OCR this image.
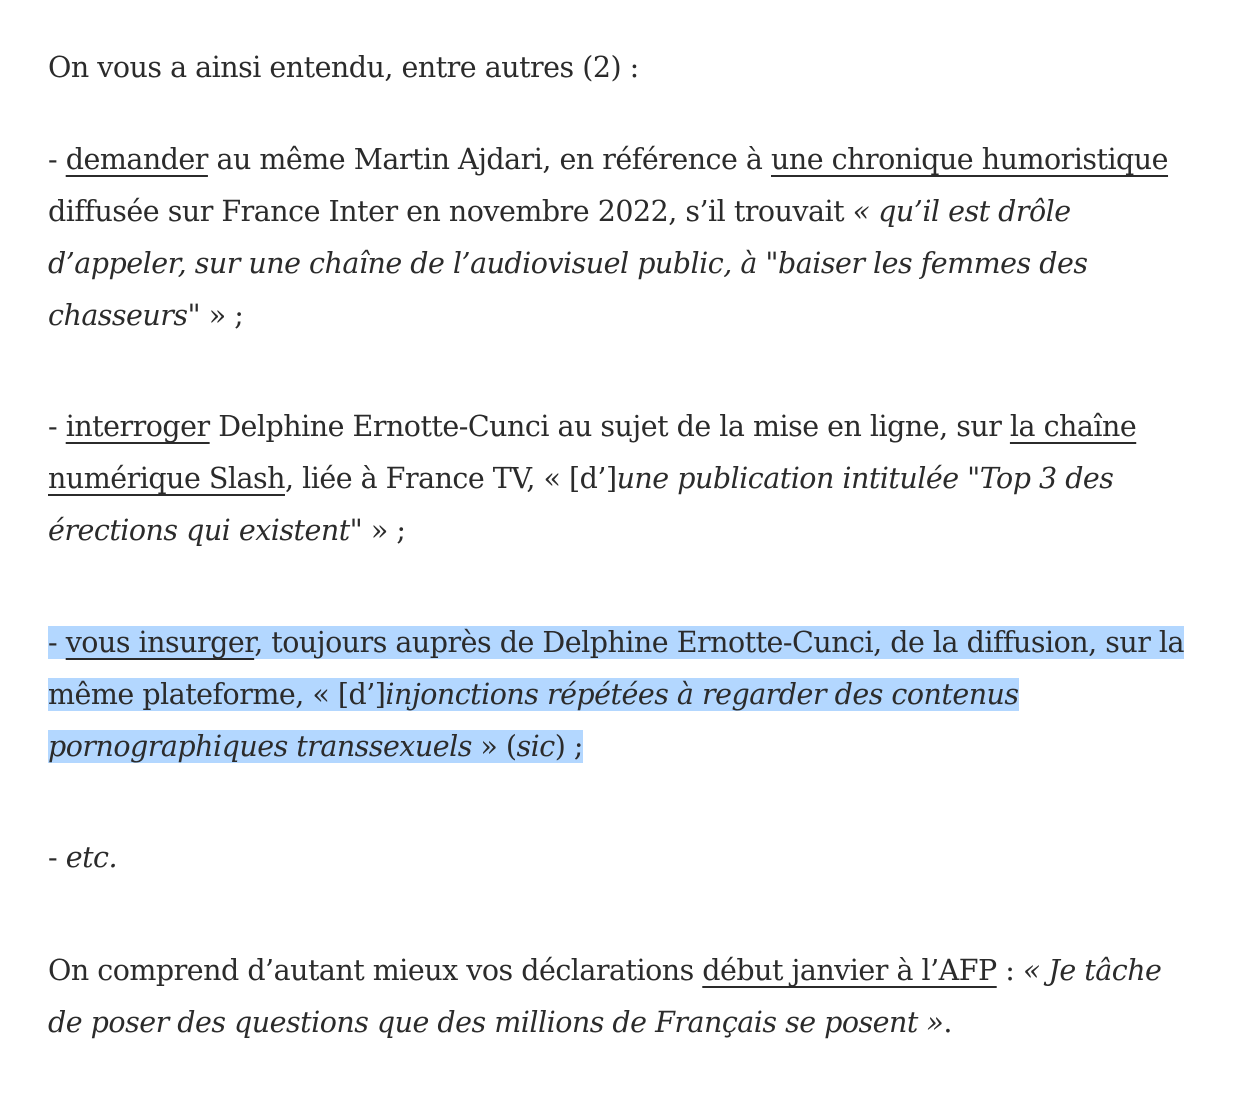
On vous a ainsi entendu, entre autres (2) :

- demander au même Martin Ajdari, en référence à une chronique humoristique diffusée sur France Inter en novembre 2022, s’il trouvait « qu’il est drôle d’appeler, sur une chaîne de l’audiovisuel public, à "baiser les femmes des chasseurs" » ;

- interroger Delphine Ernotte-Cunci au sujet de la mise en ligne, sur la chaîne numérique Slash, liée à France TV, « [d’]une publication intitulée "Top 3 des érections qui existent" » ;

- vous insurger, toujours auprès de Delphine Ernotte-Cunci, de la diffusion, sur la même plateforme, « [d’]injonctions répétées à regarder des contenus pornographiques transsexuels » (sic) ;

- etc.

On comprend d’autant mieux vos déclarations début janvier à l’AFP : « Je tâche de poser des questions que des millions de Français se posent ».
